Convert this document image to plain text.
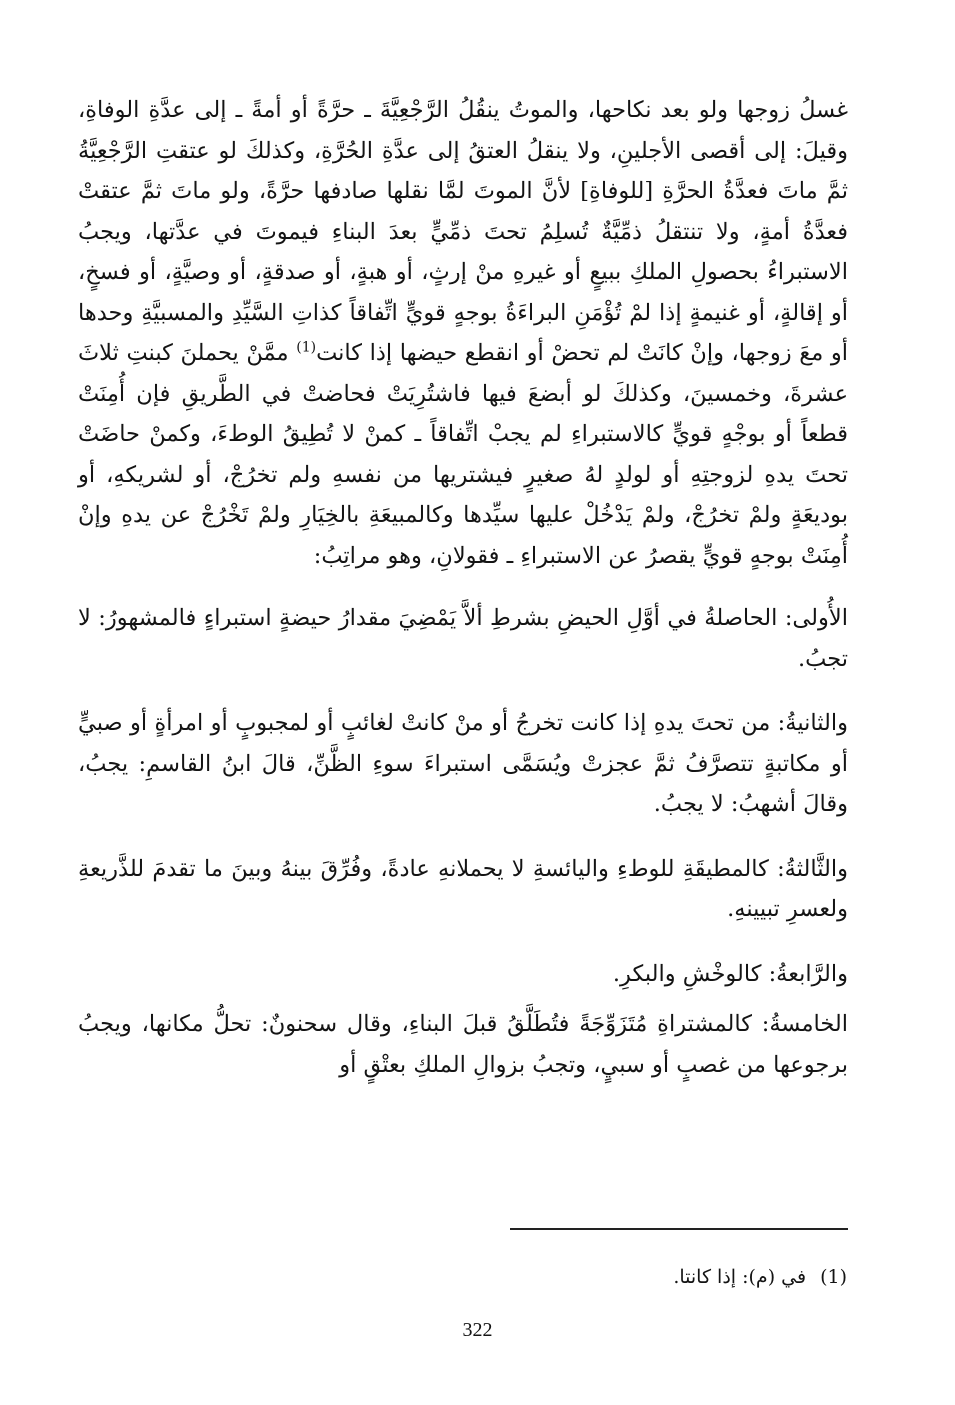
غسلُ زوجها ولو بعد نكاحها، والموتُ ينقُلُ الرَّجْعِيَّةَ ـ حرَّةً أو أمةً ـ إلى عدَّةِ الوفاةِ، وقيلَ: إلى أقصى الأجلينِ، ولا ينقلُ العتقُ إلى عدَّةِ الحُرَّةِ، وكذلكَ لو عتقتِ الرَّجْعِيَّةُ ثمَّ ماتَ فعدَّةُ الحرَّةِ [للوفاةِ] لأنَّ الموتَ لمَّا نقلها صادفها حرَّةً، ولو ماتَ ثمَّ عتقتْ فعدَّةُ أمةٍ، ولا تنتقلُ ذمِّيَّةٌ تُسلِمُ تحتَ ذمِّيٍّ بعدَ البناءِ فيموتَ في عدَّتها، ويجبُ الاستبراءُ بحصولِ الملكِ ببيعٍ أو غيرهِ منْ إرثٍ، أو هبةٍ، أو صدقةٍ، أو وصيَّةٍ، أو فسخٍ، أو إقالةٍ، أو غنيمةٍ إذا لمْ تُؤْمَنِ البراءَةُ بوجهٍ قويٍّ اتِّفاقاً كذاتِ السَّيِّدِ والمسبيَّةِ وحدها أو معَ زوجها، وإنْ كانَتْ لم تحضْ أو انقطع حيضها إذا كانت$^{(1)}$ ممَّنْ يحملنَ كبنتِ ثلاثَ عشرةَ، وخمسينَ، وكذلكَ لو أبضعَ فيها فاشتُرِيَتْ فحاضتْ في الطَّريقِ فإن أُمِنَتْ قطعاً أو بوجْهٍ قويٍّ كالاستبراءِ لم يجبْ اتِّفاقاً ـ كمنْ لا تُطِيقُ الوطءَ، وكمنْ حاضَتْ تحتَ يدهِ لزوجتِهِ أو لولدٍ لهُ صغيرٍ فيشتريها من نفسهِ ولم تخرُجْ، أو لشريكهِ، أو بوديعَةٍ ولمْ تخرُجْ، ولمْ يَدْخُلْ عليها سيِّدها وكالمبيعَةِ بالخِيَارِ ولمْ تَخْرُجْ عن يدهِ وإنْ أُمِنَتْ بوجهٍ قويٍّ يقصرُ عن الاستبراءِ ـ فقولانِ، وهو مراتِبُ:

الأُولى: الحاصلةُ في أوَّلِ الحيضِ بشرطِ ألاَّ يَمْضِيَ مقدارُ حيضةٍ استبراءٍ فالمشهورُ: لا تجبُ.

والثانيةُ: من تحتَ يدهِ إذا كانت تخرجُ أو منْ كانتْ لغائبٍ أو لمجبوبٍ أو امرأةٍ أو صبيٍّ أو مكاتبةٍ تتصرَّفُ ثمَّ عجزتْ ويُسَمَّى استبراءَ سوءِ الظَّنِّ، قالَ ابنُ القاسمِ: يجبُ، وقالَ أشهبُ: لا يجبُ.

والثَّالثةُ: كالمطيقَةِ للوطءِ واليائسةِ لا يحملانهِ عادةً، وفُرِّقَ بينهُ وبينَ ما تقدمَ للذَّريعةِ ولعسرِ تبيينهِ.

والرَّابعةُ: كالوخْشِ والبكرِ.

الخامسةُ: كالمشتراةِ مُتَزَوِّجَةً فتُطَلَّقُ قبلَ البناءِ، وقال سحنونٌ: تحلُّ مكانها، ويجبُ برجوعها من غصبٍ أو سبيٍ، وتجبُ بزوالِ الملكِ بعتْقٍ أو

(1)في (م): إذا كانتا.
322
